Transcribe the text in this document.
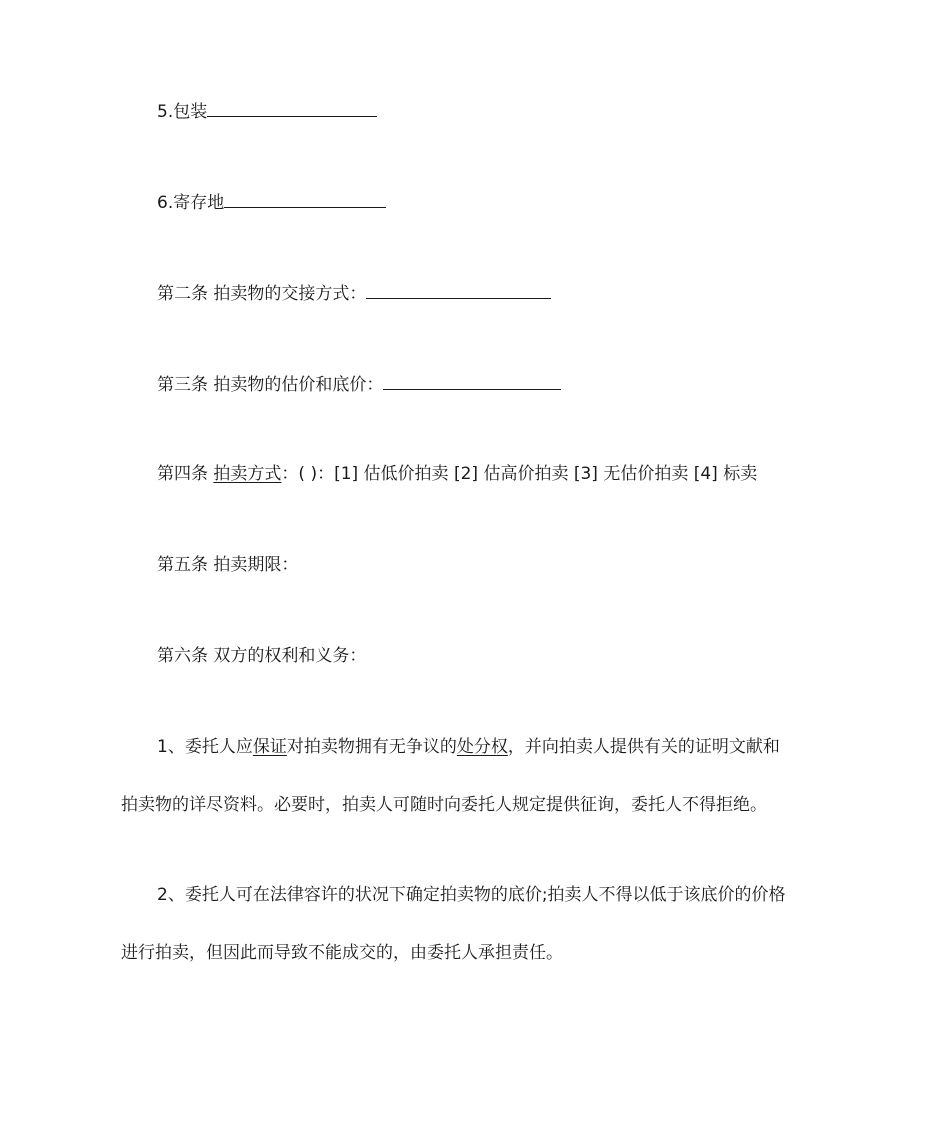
5.包装
6.寄存地
第二条 拍卖物的交接方式：
第三条 拍卖物的估价和底价：
第四条 拍卖方式：( )：[1] 估低价拍卖 [2] 估高价拍卖 [3] 无估价拍卖 [4] 标卖
第五条 拍卖期限：
第六条 双方的权利和义务：
1、委托人应保证对拍卖物拥有无争议的处分权，并向拍卖人提供有关的证明文献和
拍卖物的详尽资料。必要时，拍卖人可随时向委托人规定提供征询，委托人不得拒绝。
2、委托人可在法律容许的状况下确定拍卖物的底价;拍卖人不得以低于该底价的价格
进行拍卖，但因此而导致不能成交的，由委托人承担责任。
